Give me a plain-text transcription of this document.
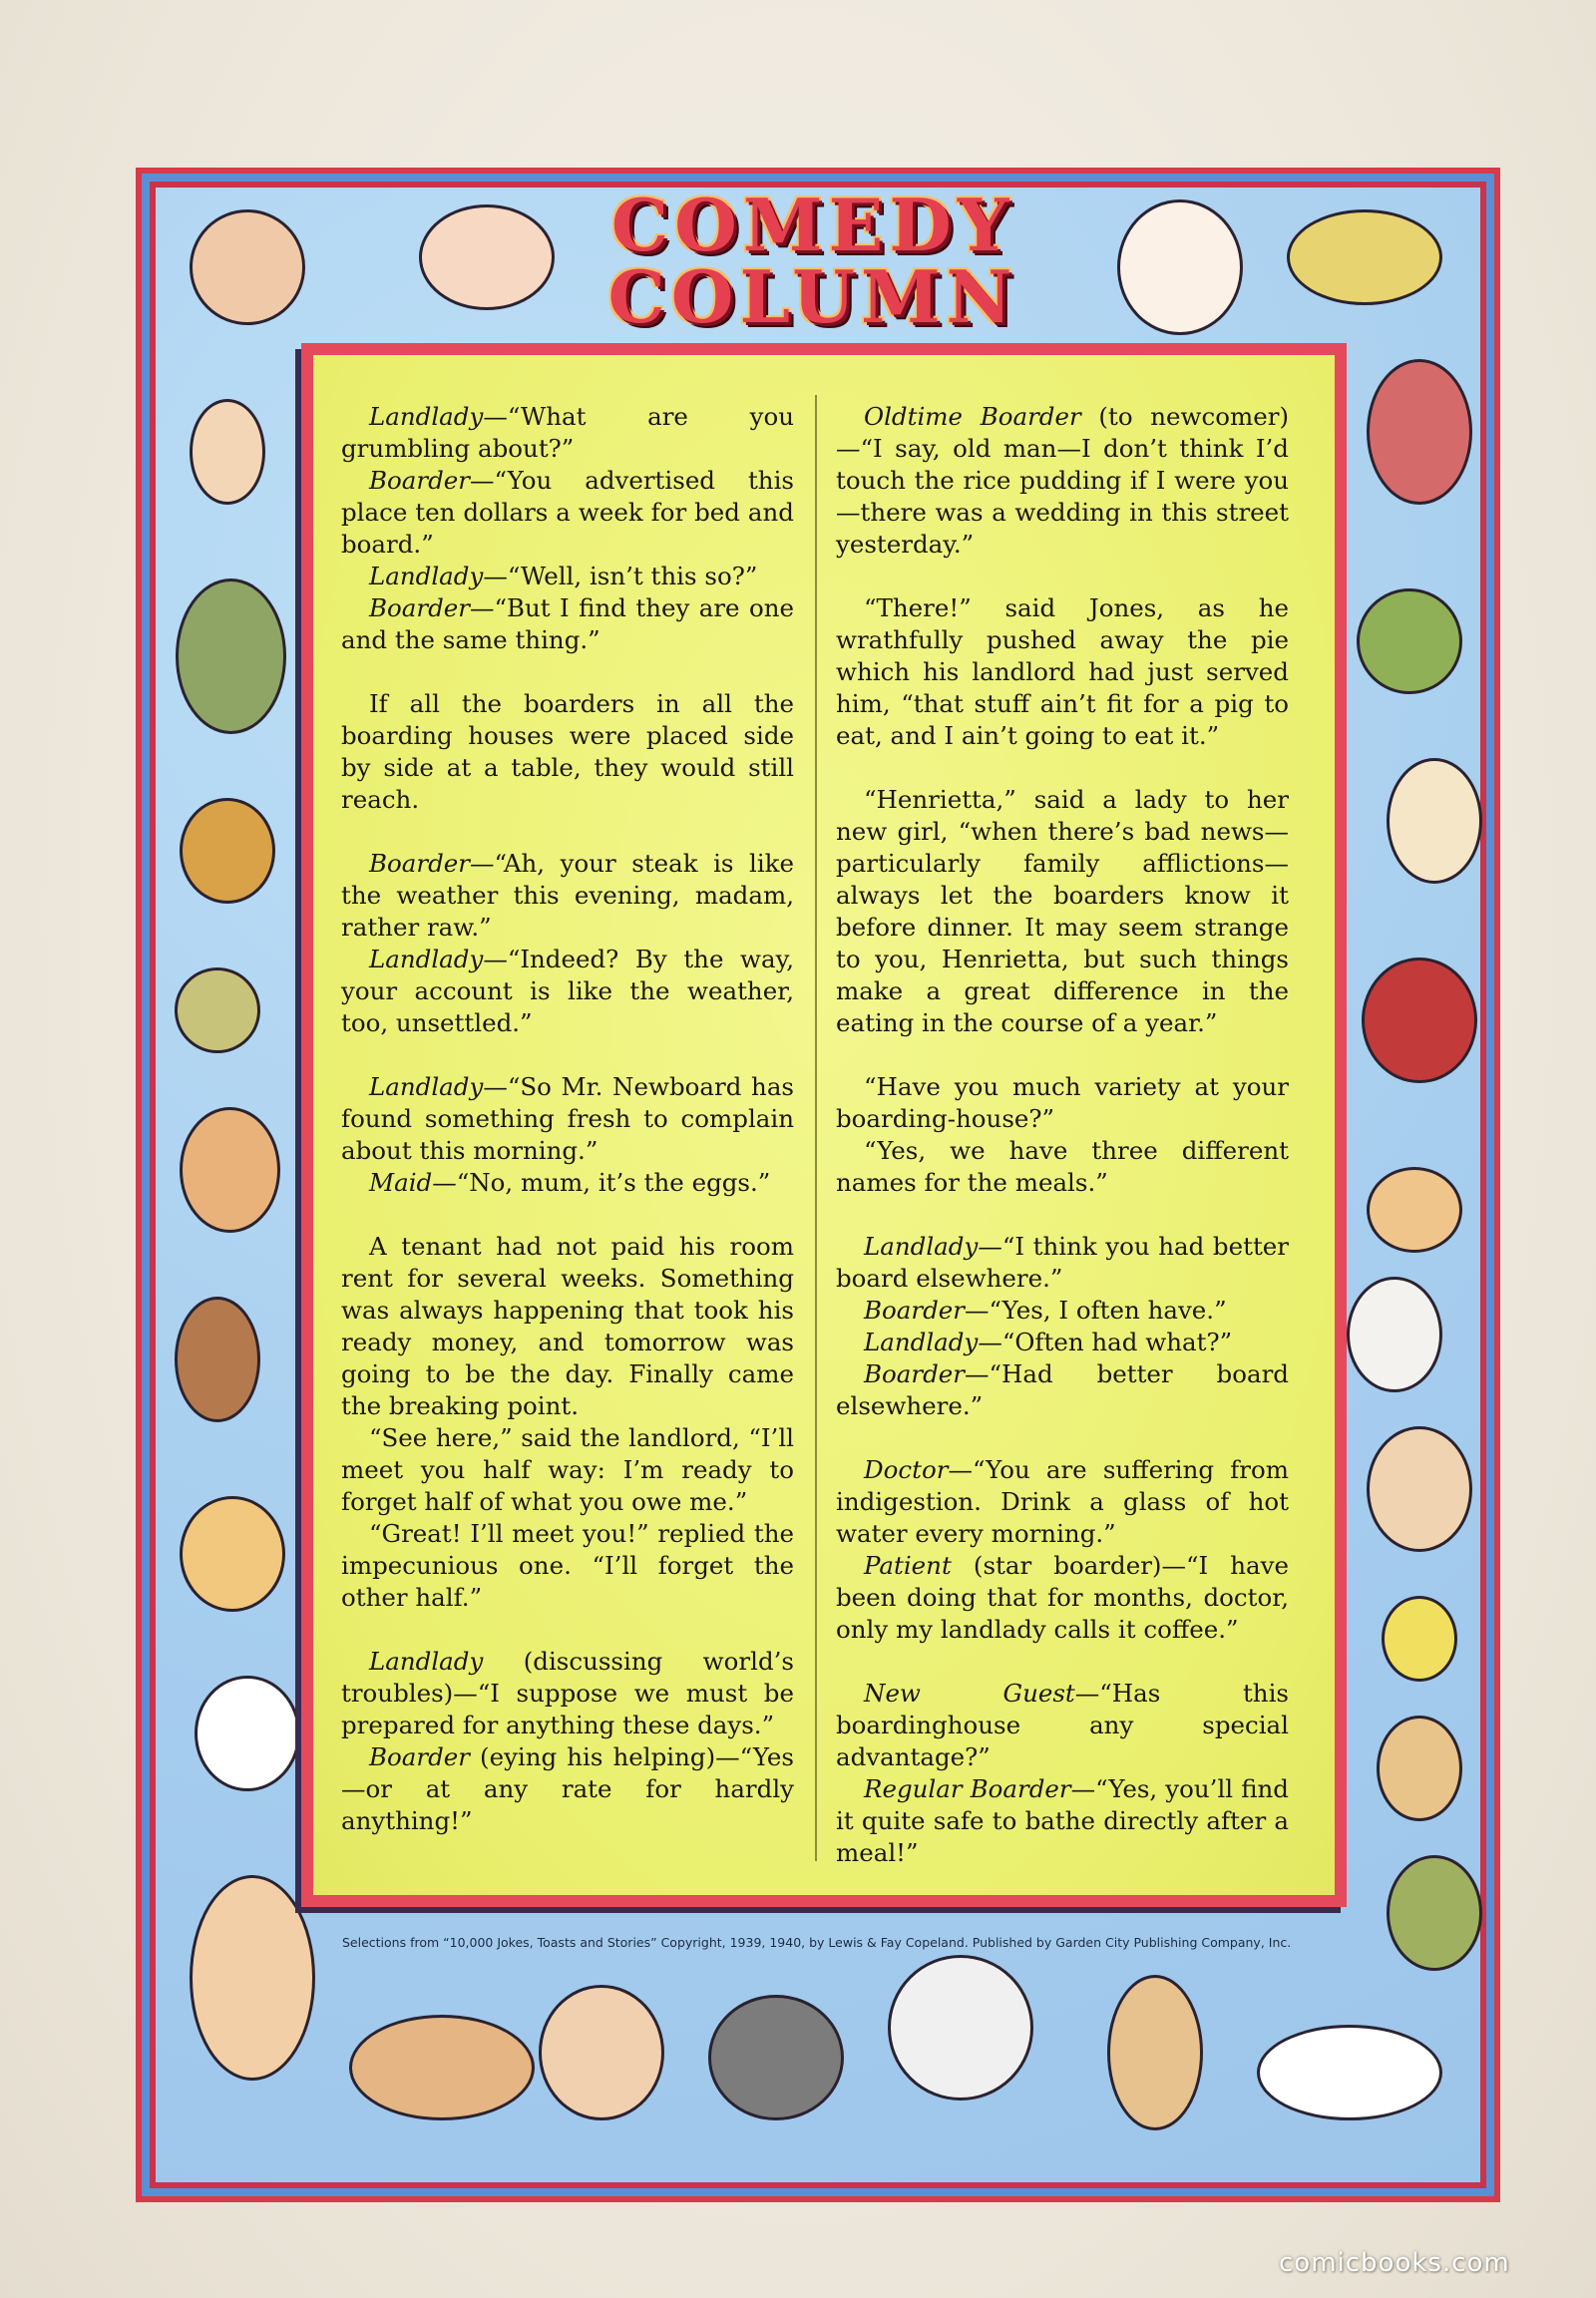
COMEDY
COLUMN

Landlady—“What are you grumbling about?”

Boarder—“You advertised this place ten dollars a week for bed and board.”

Landlady—“Well, isn’t this so?”

Boarder—“But I find they are one and the same thing.”

If all the boarders in all the boarding houses were placed side by side at a table, they would still reach.

Boarder—“Ah, your steak is like the weather this evening, madam, rather raw.”

Landlady—“Indeed? By the way, your account is like the weather, too, unsettled.”

Landlady—“So Mr. Newboard has found something fresh to complain about this morning.”

Maid—“No, mum, it’s the eggs.”

A tenant had not paid his room rent for several weeks. Something was always happening that took his ready money, and tomorrow was going to be the day. Finally came the breaking point.

“See here,” said the landlord, “I’ll meet you half way: I’m ready to forget half of what you owe me.”

“Great! I’ll meet you!” replied the impecunious one. “I’ll forget the other half.”

Landlady (discussing world’s troubles)—“I suppose we must be prepared for anything these days.”

Boarder (eying his helping)—“Yes—or at any rate for hardly anything!”

Oldtime Boarder (to newcomer)—“I say, old man—I don’t think I’d touch the rice pudding if I were you—there was a wedding in this street yesterday.”

“There!” said Jones, as he wrathfully pushed away the pie which his landlord had just served him, “that stuff ain’t fit for a pig to eat, and I ain’t going to eat it.”

“Henrietta,” said a lady to her new girl, “when there’s bad news—particularly family afflictions—always let the boarders know it before dinner. It may seem strange to you, Henrietta, but such things make a great difference in the eating in the course of a year.”

“Have you much variety at your boarding-house?”

“Yes, we have three different names for the meals.”

Landlady—“I think you had better board elsewhere.”

Boarder—“Yes, I often have.”

Landlady—“Often had what?”

Boarder—“Had better board elsewhere.”

Doctor—“You are suffering from indigestion. Drink a glass of hot water every morning.”

Patient (star boarder)—“I have been doing that for months, doctor, only my landlady calls it coffee.”

New Guest—“Has this boardinghouse any special advantage?”

Regular Boarder—“Yes, you’ll find it quite safe to bathe directly after a meal!”

Selections from “10,000 Jokes, Toasts and Stories” Copyright, 1939, 1940, by Lewis & Fay Copeland. Published by Garden City Publishing Company, Inc.
comicbooks.com
